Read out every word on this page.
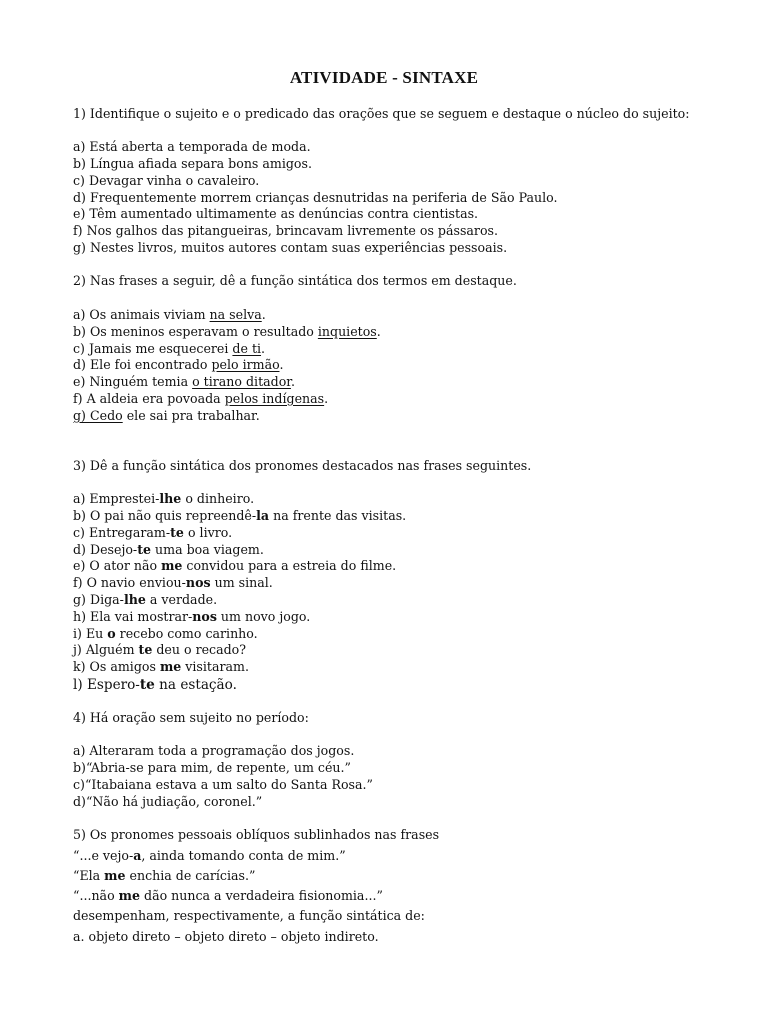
ATIVIDADE - SINTAXE
1) Identifique o sujeito e o predicado das orações que se seguem e destaque o núcleo do sujeito:
a) Está aberta a temporada de moda.
b) Língua afiada separa bons amigos.
c) Devagar vinha o cavaleiro.
d) Frequentemente morrem crianças desnutridas na periferia de São Paulo.
e) Têm aumentado ultimamente as denúncias contra cientistas.
f) Nos galhos das pitangueiras, brincavam livremente os pássaros.
g) Nestes livros, muitos autores contam suas experiências pessoais.
2) Nas frases a seguir, dê a função sintática dos termos em destaque.
a) Os animais viviam na selva.
b) Os meninos esperavam o resultado inquietos.
c) Jamais me esquecerei de ti.
d) Ele foi encontrado pelo irmão.
e) Ninguém temia o tirano ditador.
f) A aldeia era povoada pelos indígenas.
g) Cedo ele sai pra trabalhar.
3) Dê a função sintática dos pronomes destacados nas frases seguintes.
a) Emprestei-lhe o dinheiro.
b) O pai não quis repreendê-la na frente das visitas.
c) Entregaram-te o livro.
d) Desejo-te uma boa viagem.
e) O ator não me convidou para a estreia do filme.
f) O navio enviou-nos um sinal.
g) Diga-lhe a verdade.
h) Ela vai mostrar-nos um novo jogo.
i) Eu o recebo como carinho.
j) Alguém te deu o recado?
k) Os amigos me visitaram.
l) Espero-te na estação.
4) Há oração sem sujeito no período:
a) Alteraram toda a programação dos jogos.
b)“Abria-se para mim, de repente, um céu.”
c)“Itabaiana estava a um salto do Santa Rosa.”
d)“Não há judiação, coronel.”
5) Os pronomes pessoais oblíquos sublinhados nas frases
“...e vejo-a, ainda tomando conta de mim.”
“Ela me enchia de carícias.”
“...não me dão nunca a verdadeira fisionomia...”
desempenham, respectivamente, a função sintática de:
a. objeto direto – objeto direto – objeto indireto.
